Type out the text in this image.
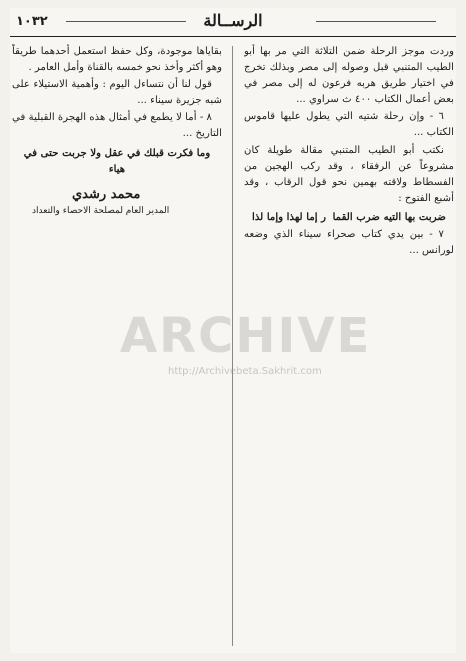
الرســالة
١٠٣٢

وردت موجز الرحلة ضمن التلاثة التي مر بها أبو الطيب المتنبي قبل وصوله إلى مصر وبذلك تخرج في اختيار طريق هربه فرعون له إلى مصر في بعض أعمال الكتاب ٤٠٠ ث سراوي ...

٦ - وإن رحلة شتيه التي يطول عليها قاموس الكتاب ...

نكتب أبو الطيب المتنبي مقالة طويلة كان مشروعاً عن الرفقاء ، وقد ركب الهجين من الفسطاط ولاقته بهمين نحو قول الرقاب ، وقد أشبع الفتوح :

ضربت بها التيه ضرب القما
ر إما لهذا وإما لذا

٧ - بين يدي كتاب صحراء سيناء الذي وضعه لورانس ...

بقاياها موجودة، وكل حفظ استعمل أحدهما طريقاً وهو أكثر وأخذ نحو خمسه بالقناة وأمل العامر .

قول لنا أن نتساءل اليوم : وأهمية الاستيلاء على شبه جزيرة سيناء ...

٨ - أما لا يطمع في أمثال هذه الهجرة القبلية في التاريخ ...

وما فكرت قبلك في عقل ولا جربت حتى في هياء
محمد رشدي
المدير العام لمصلحة الاحصاء والتعداد
ARCHIVE
http://Archivebeta.Sakhrit.com
